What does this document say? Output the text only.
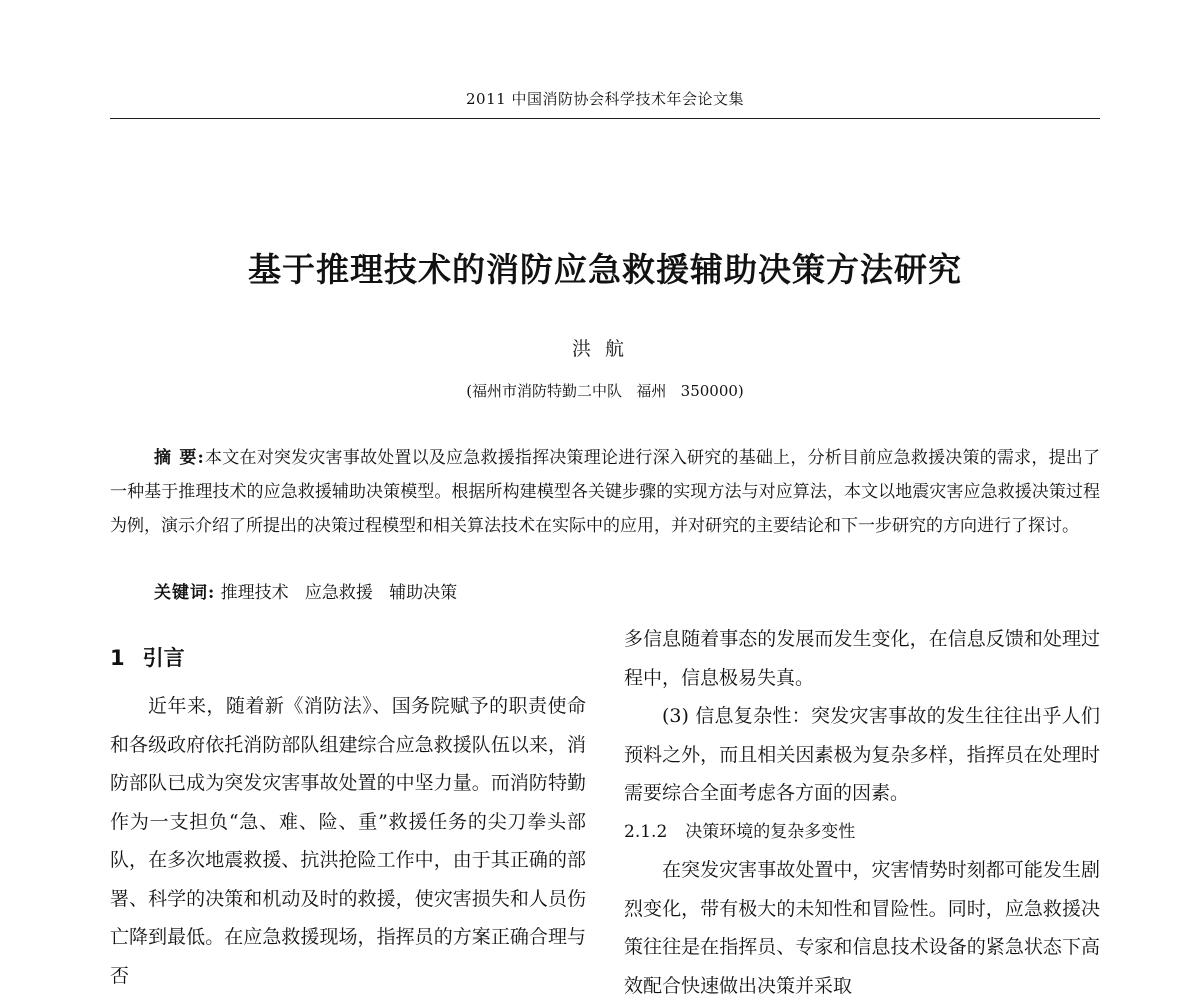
2011 中国消防协会科学技术年会论文集
基于推理技术的消防应急救援辅助决策方法研究
洪航
(福州市消防特勤二中队   福州   350000)

摘 要:本文在对突发灾害事故处置以及应急救援指挥决策理论进行深入研究的基础上，分析目前应急救援决策的需求，提出了一种基于推理技术的应急救援辅助决策模型。根据所构建模型各关键步骤的实现方法与对应算法，本文以地震灾害应急救援决策过程为例，演示介绍了所提出的决策过程模型和相关算法技术在实际中的应用，并对研究的主要结论和下一步研究的方向进行了探讨。

关键词: 推理技术   应急救援   辅助决策

1 引言

近年来，随着新《消防法》、国务院赋予的职责使命和各级政府依托消防部队组建综合应急救援队伍以来，消防部队已成为突发灾害事故处置的中坚力量。而消防特勤作为一支担负“急、难、险、重”救援任务的尖刀拳头部队，在多次地震救援、抗洪抢险工作中，由于其正确的部署、科学的决策和机动及时的救援，使灾害损失和人员伤亡降到最低。在应急救援现场，指挥员的方案正确合理与否

多信息随着事态的发展而发生变化，在信息反馈和处理过程中，信息极易失真。

(3) 信息复杂性：突发灾害事故的发生往往出乎人们预料之外，而且相关因素极为复杂多样，指挥员在处理时需要综合全面考虑各方面的因素。

2.1.2 决策环境的复杂多变性

在突发灾害事故处置中，灾害情势时刻都可能发生剧烈变化，带有极大的未知性和冒险性。同时，应急救援决策往往是在指挥员、专家和信息技术设备的紧急状态下高效配合快速做出决策并采取
